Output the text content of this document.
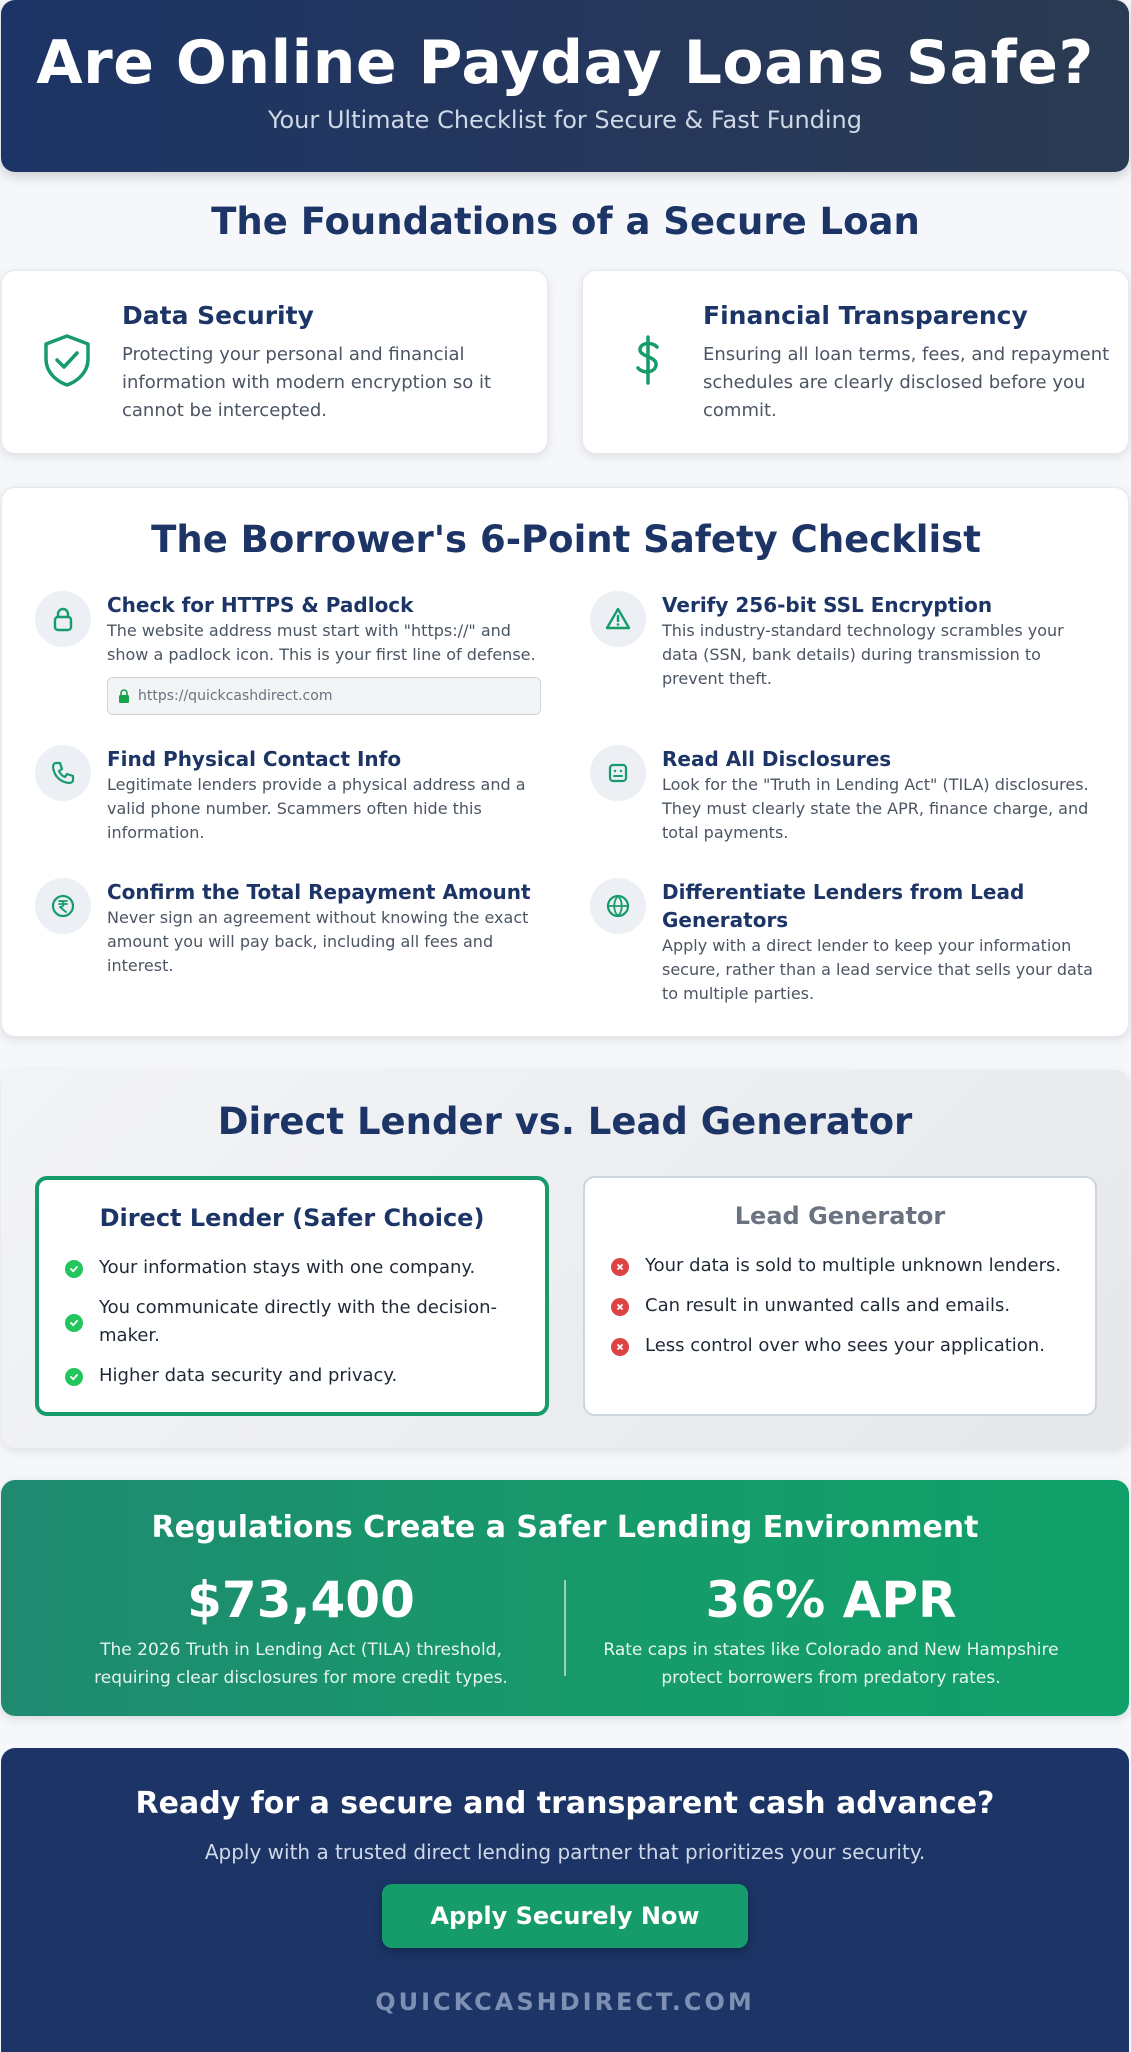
Are Online Payday Loans Safe?

Your Ultimate Checklist for Secure & Fast Funding

The Foundations of a Secure Loan
Data Security

Protecting your personal and financial information with modern encryption so it cannot be intercepted.

Financial Transparency

Ensuring all loan terms, fees, and repayment schedules are clearly disclosed before you commit.

The Borrower's 6-Point Safety Checklist
Check for HTTPS & Padlock

The website address must start with "https://" and show a padlock icon. This is your first line of defense.

https://quickcashdirect.com
Verify 256-bit SSL Encryption

This industry-standard technology scrambles your data (SSN, bank details) during transmission to prevent theft.

Find Physical Contact Info

Legitimate lenders provide a physical address and a valid phone number. Scammers often hide this information.

Read All Disclosures

Look for the "Truth in Lending Act" (TILA) disclosures. They must clearly state the APR, finance charge, and total payments.

Confirm the Total Repayment Amount

Never sign an agreement without knowing the exact amount you will pay back, including all fees and interest.

Differentiate Lenders from Lead
Generators

Apply with a direct lender to keep your information secure, rather than a lead service that sells your data to multiple parties.

Direct Lender vs. Lead Generator
Direct Lender (Safer Choice)
Your information stays with one company.
You communicate directly with the decision-maker.
Higher data security and privacy.
Lead Generator
Your data is sold to multiple unknown lenders.
Can result in unwanted calls and emails.
Less control over who sees your application.
Regulations Create a Safer Lending Environment
$73,400
The 2026 Truth in Lending Act (TILA) threshold,
requiring clear disclosures for more credit types.
36% APR
Rate caps in states like Colorado and New Hampshire
protect borrowers from predatory rates.
Ready for a secure and transparent cash advance?

Apply with a trusted direct lending partner that prioritizes your security.

Apply Securely Now
QUICKCASHDIRECT.COM
